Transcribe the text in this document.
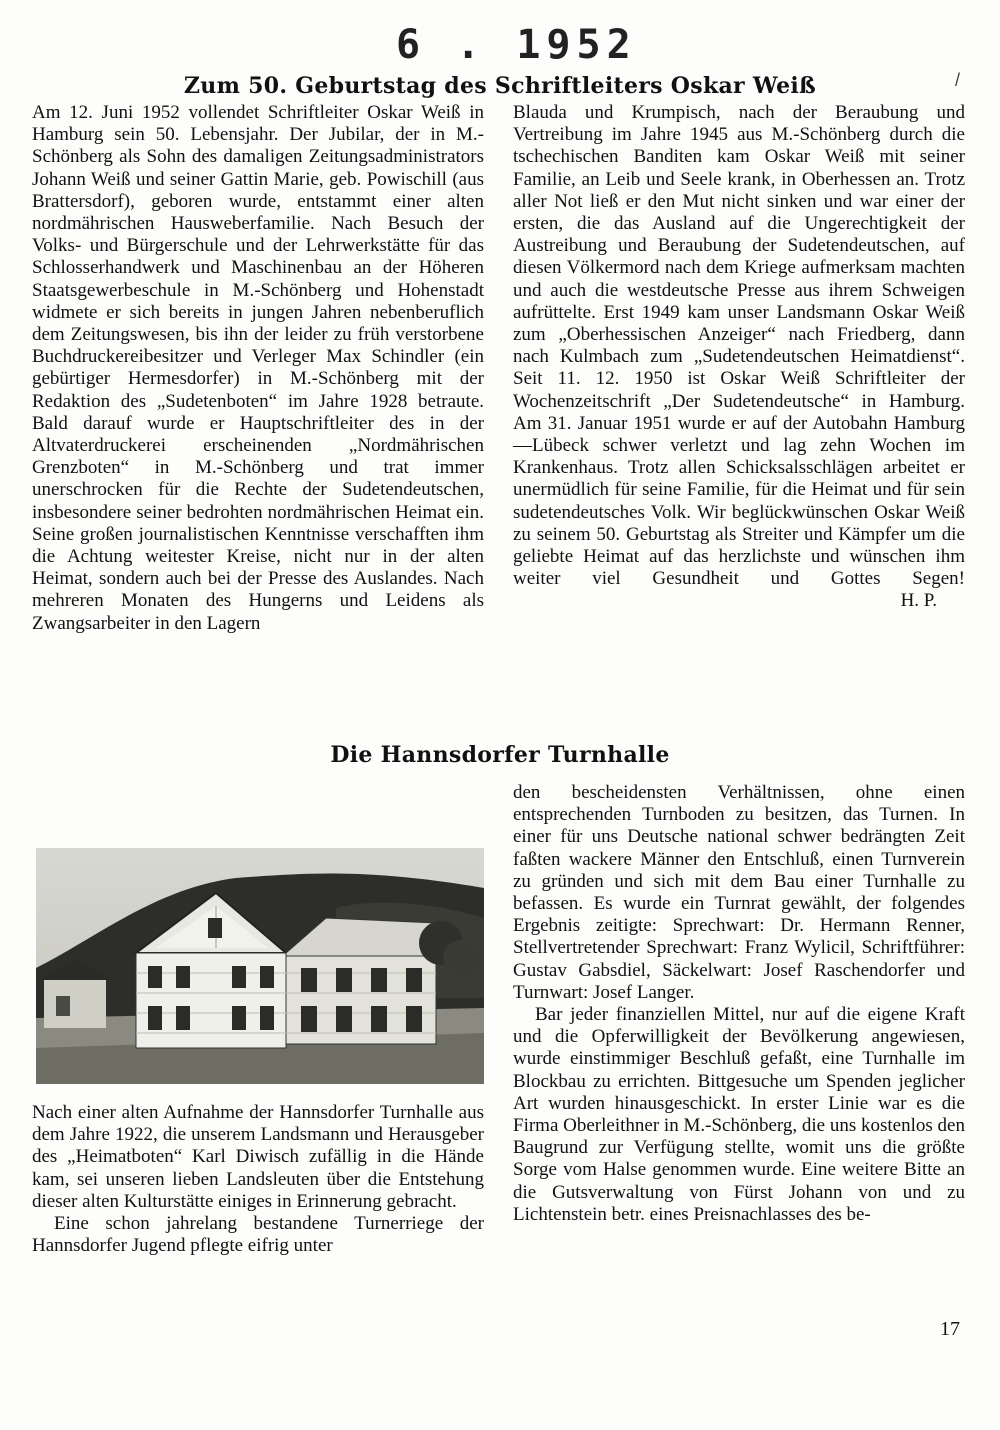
6 . 1952
/
Zum 50. Geburtstag des Schriftleiters Oskar Weiß

Am 12. Juni 1952 vollendet Schriftleiter Oskar Weiß in Hamburg sein 50. Lebensjahr. Der Jubilar, der in M.-Schönberg als Sohn des damaligen Zeitungsadministrators Johann Weiß und seiner Gattin Marie, geb. Powischill (aus Brattersdorf), geboren wurde, entstammt einer alten nordmährischen Hausweberfamilie. Nach Besuch der Volks- und Bürgerschule und der Lehrwerkstätte für das Schlosserhandwerk und Maschinenbau an der Höheren Staatsgewerbeschule in M.-Schönberg und Hohenstadt widmete er sich bereits in jungen Jahren nebenberuflich dem Zeitungswesen, bis ihn der leider zu früh verstorbene Buchdruckereibesitzer und Verleger Max Schindler (ein gebürtiger Hermesdorfer) in M.-Schönberg mit der Redaktion des „Sudetenboten“ im Jahre 1928 betraute. Bald darauf wurde er Hauptschriftleiter des in der Altvaterdruckerei erscheinenden „Nordmährischen Grenzboten“ in M.-Schönberg und trat immer unerschrocken für die Rechte der Sudetendeutschen, insbesondere seiner bedrohten nordmährischen Heimat ein. Seine großen journalistischen Kenntnisse verschafften ihm die Achtung weitester Kreise, nicht nur in der alten Heimat, sondern auch bei der Presse des Auslandes. Nach mehreren Monaten des Hungerns und Leidens als Zwangsarbeiter in den Lagern

Blauda und Krumpisch, nach der Beraubung und Vertreibung im Jahre 1945 aus M.-Schönberg durch die tschechischen Banditen kam Oskar Weiß mit seiner Familie, an Leib und Seele krank, in Oberhessen an. Trotz aller Not ließ er den Mut nicht sinken und war einer der ersten, die das Ausland auf die Ungerechtigkeit der Austreibung und Beraubung der Sudetendeutschen, auf diesen Völkermord nach dem Kriege aufmerksam machten und auch die westdeutsche Presse aus ihrem Schweigen aufrüttelte. Erst 1949 kam unser Landsmann Oskar Weiß zum „Oberhessischen Anzeiger“ nach Friedberg, dann nach Kulmbach zum „Sudetendeutschen Heimatdienst“. Seit 11. 12. 1950 ist Oskar Weiß Schriftleiter der Wochenzeitschrift „Der Sudetendeutsche“ in Hamburg. Am 31. Januar 1951 wurde er auf der Autobahn Hamburg—Lübeck schwer verletzt und lag zehn Wochen im Krankenhaus. Trotz allen Schicksalsschlägen arbeitet er unermüdlich für seine Familie, für die Heimat und für sein sudetendeutsches Volk. Wir beglückwünschen Oskar Weiß zu seinem 50. Geburtstag als Streiter und Kämpfer um die geliebte Heimat auf das herzlichste und wünschen ihm weiter viel Gesundheit und Gottes Segen!

H. P.
Die Hannsdorfer Turnhalle

Nach einer alten Aufnahme der Hannsdorfer Turnhalle aus dem Jahre 1922, die unserem Landsmann und Herausgeber des „Heimatboten“ Karl Diwisch zufällig in die Hände kam, sei unseren lieben Landsleuten über die Entstehung dieser alten Kulturstätte einiges in Erinnerung gebracht.

Eine schon jahrelang bestandene Turnerriege der Hannsdorfer Jugend pflegte eifrig unter

den bescheidensten Verhältnissen, ohne einen entsprechenden Turnboden zu besitzen, das Turnen. In einer für uns Deutsche national schwer bedrängten Zeit faßten wackere Männer den Entschluß, einen Turnverein zu gründen und sich mit dem Bau einer Turnhalle zu befassen. Es wurde ein Turnrat gewählt, der folgendes Ergebnis zeitigte: Sprechwart: Dr. Hermann Renner, Stellvertretender Sprechwart: Franz Wylicil, Schriftführer: Gustav Gabsdiel, Säckelwart: Josef Raschendorfer und Turnwart: Josef Langer.

Bar jeder finanziellen Mittel, nur auf die eigene Kraft und die Opferwilligkeit der Bevölkerung angewiesen, wurde einstimmiger Beschluß gefaßt, eine Turnhalle im Blockbau zu errichten. Bittgesuche um Spenden jeglicher Art wurden hinausgeschickt. In erster Linie war es die Firma Oberleithner in M.-Schönberg, die uns kostenlos den Baugrund zur Verfügung stellte, womit uns die größte Sorge vom Halse genommen wurde. Eine weitere Bitte an die Gutsverwaltung von Fürst Johann von und zu Lichtenstein betr. eines Preisnachlasses des be-

17
